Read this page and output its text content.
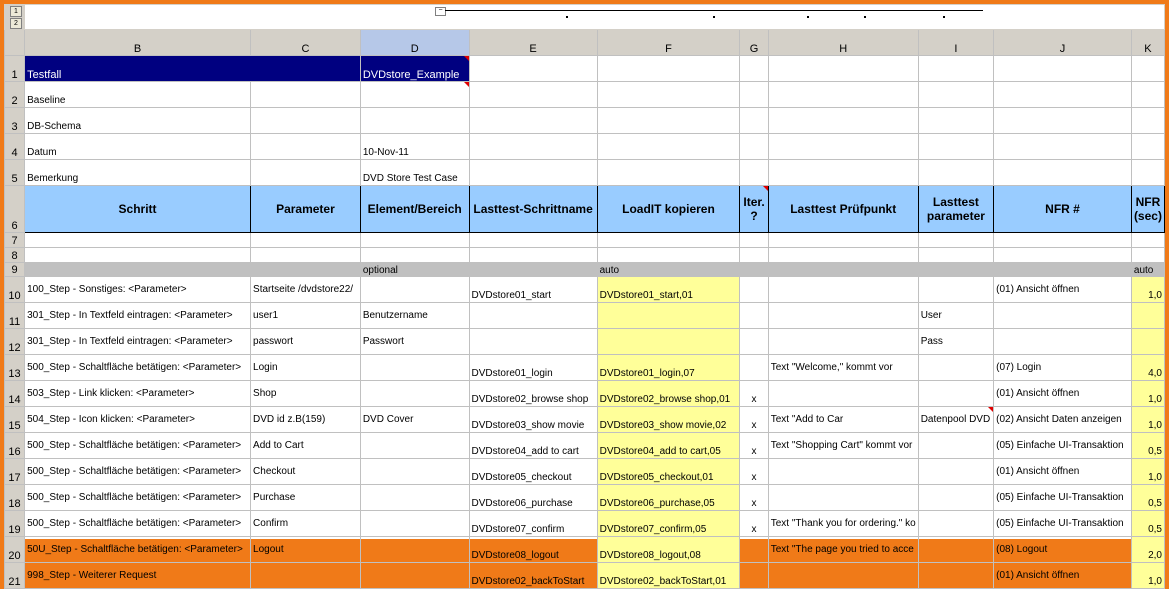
1
2	−									

	B	C	D	E	F	G	H	I	J	K
1	Testfall		DVDstore_Example							
2	Baseline									
3	DB-Schema									
4	Datum		10-Nov-11							
5	Bemerkung		DVD Store Test Case							
6	Schritt	Parameter	Element/Bereich	Lasttest-Schrittname	LoadIT kopieren	Iter. ?	Lasttest Prüfpunkt	Lasttest parameter	NFR #	NFR (sec)
7										
8										
9			optional		auto					auto
10	100_Step - Sonstiges: <Parameter>	Startseite /dvdstore22/		DVDstore01_start	DVDstore01_start,01				(01) Ansicht öffnen	1,0
11	301_Step - In Textfeld eintragen: <Parameter>	user1	Benutzername					User		
12	301_Step - In Textfeld eintragen: <Parameter>	passwort	Passwort					Pass		
13	500_Step - Schaltfläche betätigen: <Parameter>	Login		DVDstore01_login	DVDstore01_login,07		Text "Welcome," kommt vor		(07) Login	4,0
14	503_Step - Link klicken: <Parameter>	Shop		DVDstore02_browse shop	DVDstore02_browse shop,01	x			(01) Ansicht öffnen	1,0
15	504_Step - Icon klicken: <Parameter>	DVD id z.B(159)	DVD Cover	DVDstore03_show movie	DVDstore03_show movie,02	x	Text "Add to Car	Datenpool DVD	(02) Ansicht Daten anzeigen	1,0
16	500_Step - Schaltfläche betätigen: <Parameter>	Add to Cart		DVDstore04_add to cart	DVDstore04_add to cart,05	x	Text "Shopping Cart" kommt vor		(05) Einfache UI-Transaktion	0,5
17	500_Step - Schaltfläche betätigen: <Parameter>	Checkout		DVDstore05_checkout	DVDstore05_checkout,01	x			(01) Ansicht öffnen	1,0
18	500_Step - Schaltfläche betätigen: <Parameter>	Purchase		DVDstore06_purchase	DVDstore06_purchase,05	x			(05) Einfache UI-Transaktion	0,5
19	500_Step - Schaltfläche betätigen: <Parameter>	Confirm		DVDstore07_confirm	DVDstore07_confirm,05	x	Text "Thank you for ordering." ko		(05) Einfache UI-Transaktion	0,5
20	50U_Step - Schaltfläche betätigen: <Parameter>	Logout		DVDstore08_logout	DVDstore08_logout,08		Text "The page you tried to acce		(08) Logout	2,0
21	998_Step - Weiterer Request			DVDstore02_backToStart	DVDstore02_backToStart,01				(01) Ansicht öffnen	1,0
